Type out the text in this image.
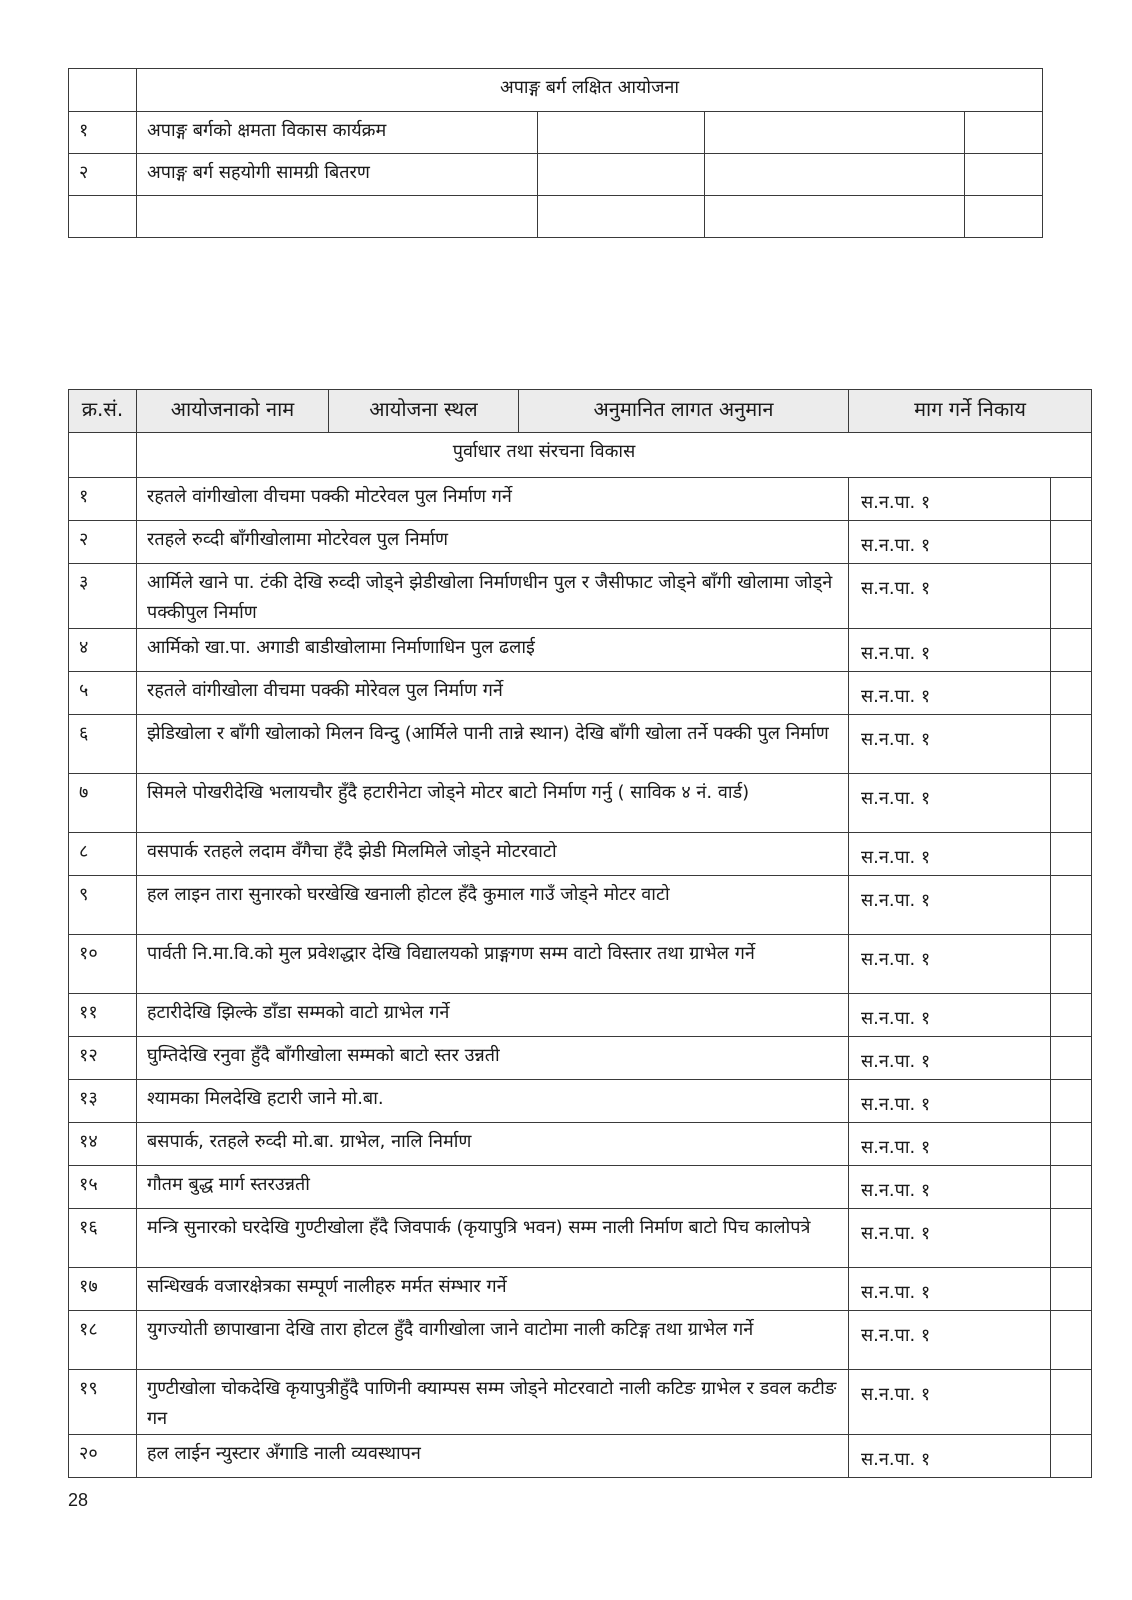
	अपाङ्ग बर्ग लक्षित आयोजना			
१	अपाङ्ग बर्गको क्षमता विकास कार्यक्रम			
२	अपाङ्ग बर्ग सहयोगी सामग्री बितरण			

क्र.सं.	आयोजनाको नाम	आयोजना स्थल	अनुमानित लागत अनुमान	माग गर्ने निकाय	
	पुर्वाधार तथा संरचना विकास				
१	रहतले वांगीखोला वीचमा पक्की मोटरेवल पुल निर्माण गर्ने			स.न.पा. १	
२	रतहले रुव्दी बाँगीखोलामा मोटरेवल पुल निर्माण			स.न.पा. १	
३	आर्मिले खाने पा. टंकी देखि रुव्दी जोड्ने झेडीखोला निर्माणधीन पुल र जैसीफाट जोड्ने बाँगी खोलामा जोड्ने पक्कीपुल निर्माण			स.न.पा. १	
४	आर्मिको खा.पा. अगाडी बाडीखोलामा निर्माणाधिन पुल ढलाई			स.न.पा. १	
५	रहतले वांगीखोला वीचमा पक्की मोरेवल पुल निर्माण गर्ने			स.न.पा. १	
६	झेडिखोला र बाँगी खोलाको मिलन विन्दु (आर्मिले पानी तान्ने स्थान) देखि बाँगी खोला तर्ने पक्की पुल निर्माण			स.न.पा. १	
७	सिमले पोखरीदेखि भलायचौर हुँदै हटारीनेटा जोड्ने मोटर बाटो निर्माण गर्नु ( साविक ४ नं. वार्ड)			स.न.पा. १	
८	वसपार्क रतहले लदाम वँगैचा हँदै झेडी मिलमिले जोड्ने मोटरवाटो			स.न.पा. १	
९	हल लाइन तारा सुनारको घरखेखि खनाली होटल हँदै कुमाल गाउँ जोड्ने मोटर वाटो			स.न.पा. १	
१०	पार्वती नि.मा.वि.को मुल प्रवेशद्धार देखि विद्यालयको प्राङ्गगण सम्म वाटो विस्तार तथा ग्राभेल गर्ने			स.न.पा. १	
११	हटारीदेखि झिल्के डाँडा सम्मको वाटो ग्राभेल गर्ने			स.न.पा. १	
१२	घुम्तिदेखि रनुवा हुँदै बाँगीखोला सम्मको बाटो स्तर उन्नती			स.न.पा. १	
१३	श्यामका मिलदेखि हटारी जाने मो.बा.			स.न.पा. १	
१४	बसपार्क, रतहले रुव्दी मो.बा. ग्राभेल, नालि निर्माण			स.न.पा. १	
१५	गौतम बुद्ध मार्ग स्तरउन्नती			स.न.पा. १	
१६	मन्त्रि सुनारको घरदेखि गुण्टीखोला हँदै जिवपार्क (कृयापुत्रि भवन) सम्म नाली निर्माण बाटो पिच कालोपत्रे			स.न.पा. १	
१७	सन्धिखर्क वजारक्षेत्रका सम्पूर्ण नालीहरु मर्मत संम्भार गर्ने			स.न.पा. १	
१८	युगज्योती छापाखाना देखि तारा होटल हुँदै वागीखोला जाने वाटोमा नाली कटिङ्ग तथा ग्राभेल गर्ने			स.न.पा. १	
१९	गुण्टीखोला चोकदेखि कृयापुत्रीहुँदै पाणिनी क्याम्पस सम्म जोड्ने मोटरवाटो नाली कटिङ ग्राभेल र डवल कटीङ गन			स.न.पा. १	
२०	हल लाईन न्युस्टार अँगाडि नाली व्यवस्थापन			स.न.पा. १	
28
